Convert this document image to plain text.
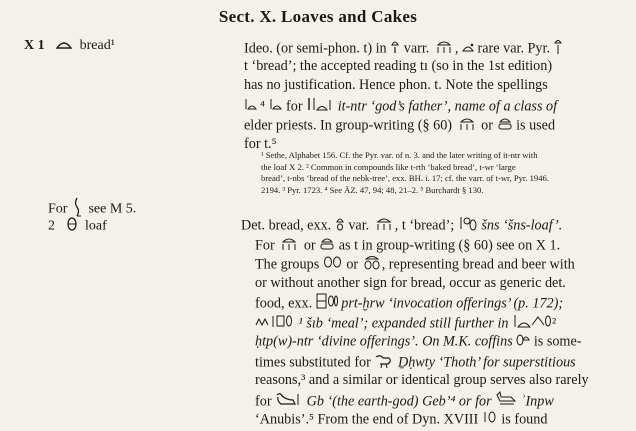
Sect. X. Loaves and Cakes
X 1	bread¹	Ideo. (or semi-phon. t) in  varr. ,  rare var. Pyr.
t ‘bread’; the accepted reading tı (so in the 1st edition)
has no justification. Hence phon. t. Note the spellings
⁴  for it-ntr ‘god’s father’, name of a class of
elder priests. In group-writing (§ 60)  or  is used
for t.⁵
¹ Sethe, Alphabet 156. Cf. the Pyr. var. of n. 3. and the later writing of it-ntr with
the loaf X 2. ² Common in compounds like t-rth ‘baked bread’, t-wr ‘large
bread’, t-nbs ‘bread of the nebk-tree’, exx. BH. i. 17; cf. the varr. of t-wr, Pyr. 1946.
2194. ³ Pyr. 1723. ⁴ See ÄZ. 47, 94; 48, 21–2. ⁵ Burchardt § 130.
For see M 5.
2 loaf	Det. bread, exx.  var. , t ‘bread’;  šns ‘šns-loaf’.
For  or  as t in group-writing (§ 60) see on X 1.
The groups  or , representing bread and beer with
or without another sign for bread, occur as generic det.
food, exx. prt-ḫrw ‘invocation offerings’ (p. 172);
¹ šıb ‘meal’; expanded still further in	²
ḥtp(w)-ntr ‘divine offerings’. On M.K. coffins  is some-
times substituted for  Ḏḥwty ‘Thoth’ for superstitious
reasons,³ and a similar or identical group serves also rarely
for  Gb ‘(the earth-god) Geb’⁴ or for  ʾInpw
‘Anubis’.⁵ From the end of Dyn. XVIII  is found
